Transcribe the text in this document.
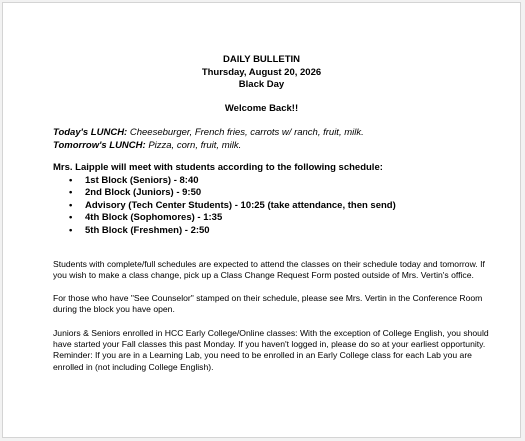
DAILY BULLETIN
Thursday, August 20, 2026
Black Day
Welcome Back!!
Today's LUNCH: Cheeseburger, French fries, carrots w/ ranch, fruit, milk.
Tomorrow's LUNCH: Pizza, corn, fruit, milk.
Mrs. Laipple will meet with students according to the following schedule:
• 1st Block (Seniors) - 8:40
• 2nd Block (Juniors) - 9:50
• Advisory (Tech Center Students) - 10:25 (take attendance, then send)
• 4th Block (Sophomores) - 1:35
• 5th Block (Freshmen) - 2:50

Students with complete/full schedules are expected to attend the classes on their schedule today and tomorrow. If you wish to make a class change, pick up a Class Change Request Form posted outside of Mrs. Vertin's office.

For those who have "See Counselor" stamped on their schedule, please see Mrs. Vertin in the Conference Room during the block you have open.

Juniors & Seniors enrolled in HCC Early College/Online classes: With the exception of College English, you should have started your Fall classes this past Monday. If you haven't logged in, please do so at your earliest opportunity. Reminder: If you are in a Learning Lab, you need to be enrolled in an Early College class for each Lab you are enrolled in (not including College English).
